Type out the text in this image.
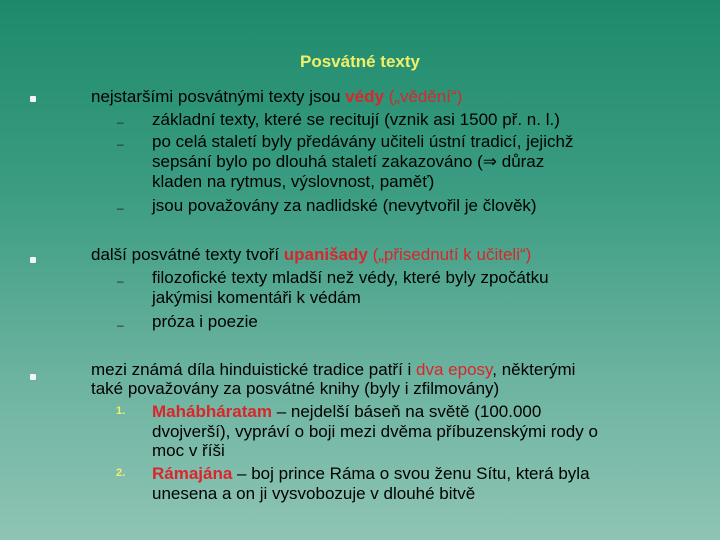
Posvátné texty
nejstaršími posvátnými texty jsou védy („vědění“)
– základní texty, které se recitují (vznik asi 1500 př. n. l.)
– po celá staletí byly předávány učiteli ústní tradicí, jejichž
sepsání bylo po dlouhá staletí zakazováno (⇒ důraz
kladen na rytmus, výslovnost, paměť)
– jsou považovány za nadlidské (nevytvořil je člověk)
další posvátné texty tvoří upanišady („přisednutí k učiteli“)
– filozofické texty mladší než védy, které byly zpočátku
jakýmisi komentáři k védám
– próza i poezie
mezi známá díla hinduistické tradice patří i dva eposy, některými
také považovány za posvátné knihy (byly i zfilmovány)
1. Mahábháratam – nejdelší báseň na světě (100.000
dvojverší), vypráví o boji mezi dvěma příbuzenskými rody o
moc v říši
2. Rámajána – boj prince Ráma o svou ženu Sítu, která byla
unesena a on ji vysvobozuje v dlouhé bitvě
